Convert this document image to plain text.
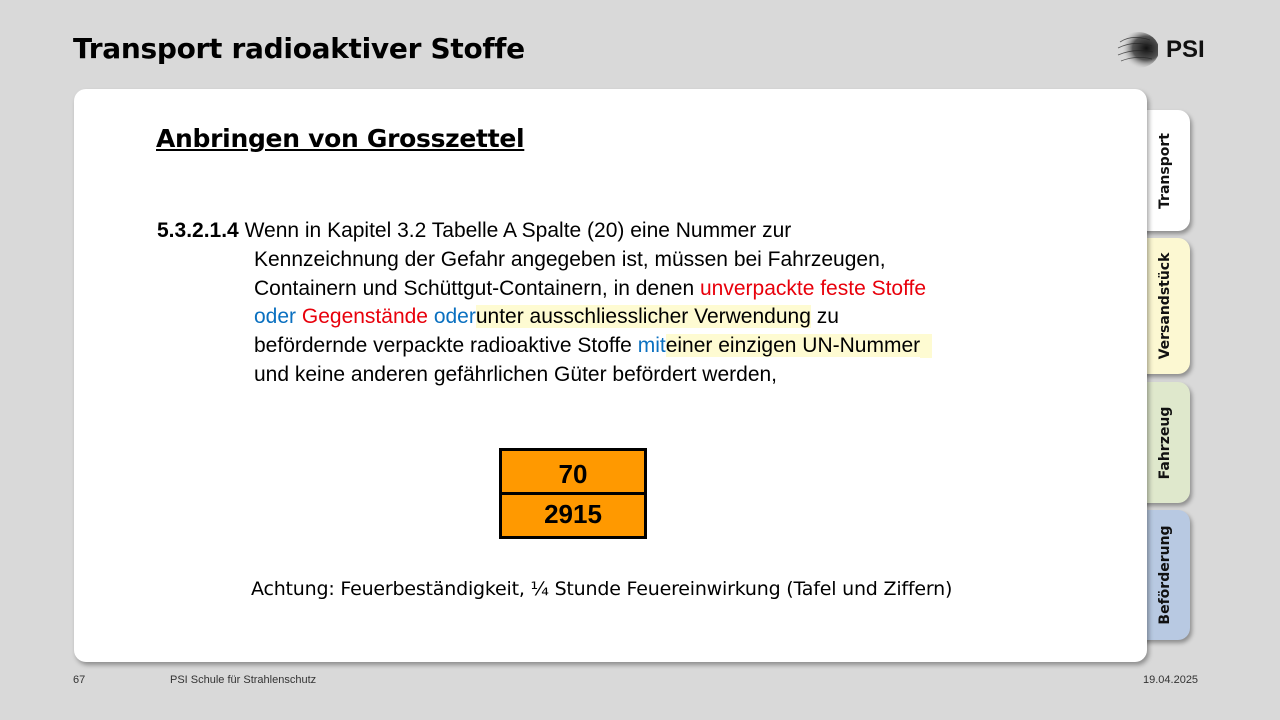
Transport radioaktiver Stoffe	PSI
Transport
Versandstück
Fahrzeug
Beförderung
Anbringen von Grosszettel
5.3.2.1.4 Wenn in Kapitel 3.2 Tabelle A Spalte (20) eine Nummer zur
Kennzeichnung der Gefahr angegeben ist, müssen bei Fahrzeugen,
Containern und Schüttgut-Containern, in denen unverpackte feste Stoffe
oder Gegenstände oderunter ausschliesslicher Verwendung zu
befördernde verpackte radioaktive Stoffe miteiner einzigen UN-Nummer
und keine anderen gefährlichen Güter befördert werden,
70
2915
Achtung: Feuerbeständigkeit, ¼ Stunde Feuereinwirkung (Tafel und Ziffern)
67	PSI Schule für Strahlenschutz	19.04.2025
